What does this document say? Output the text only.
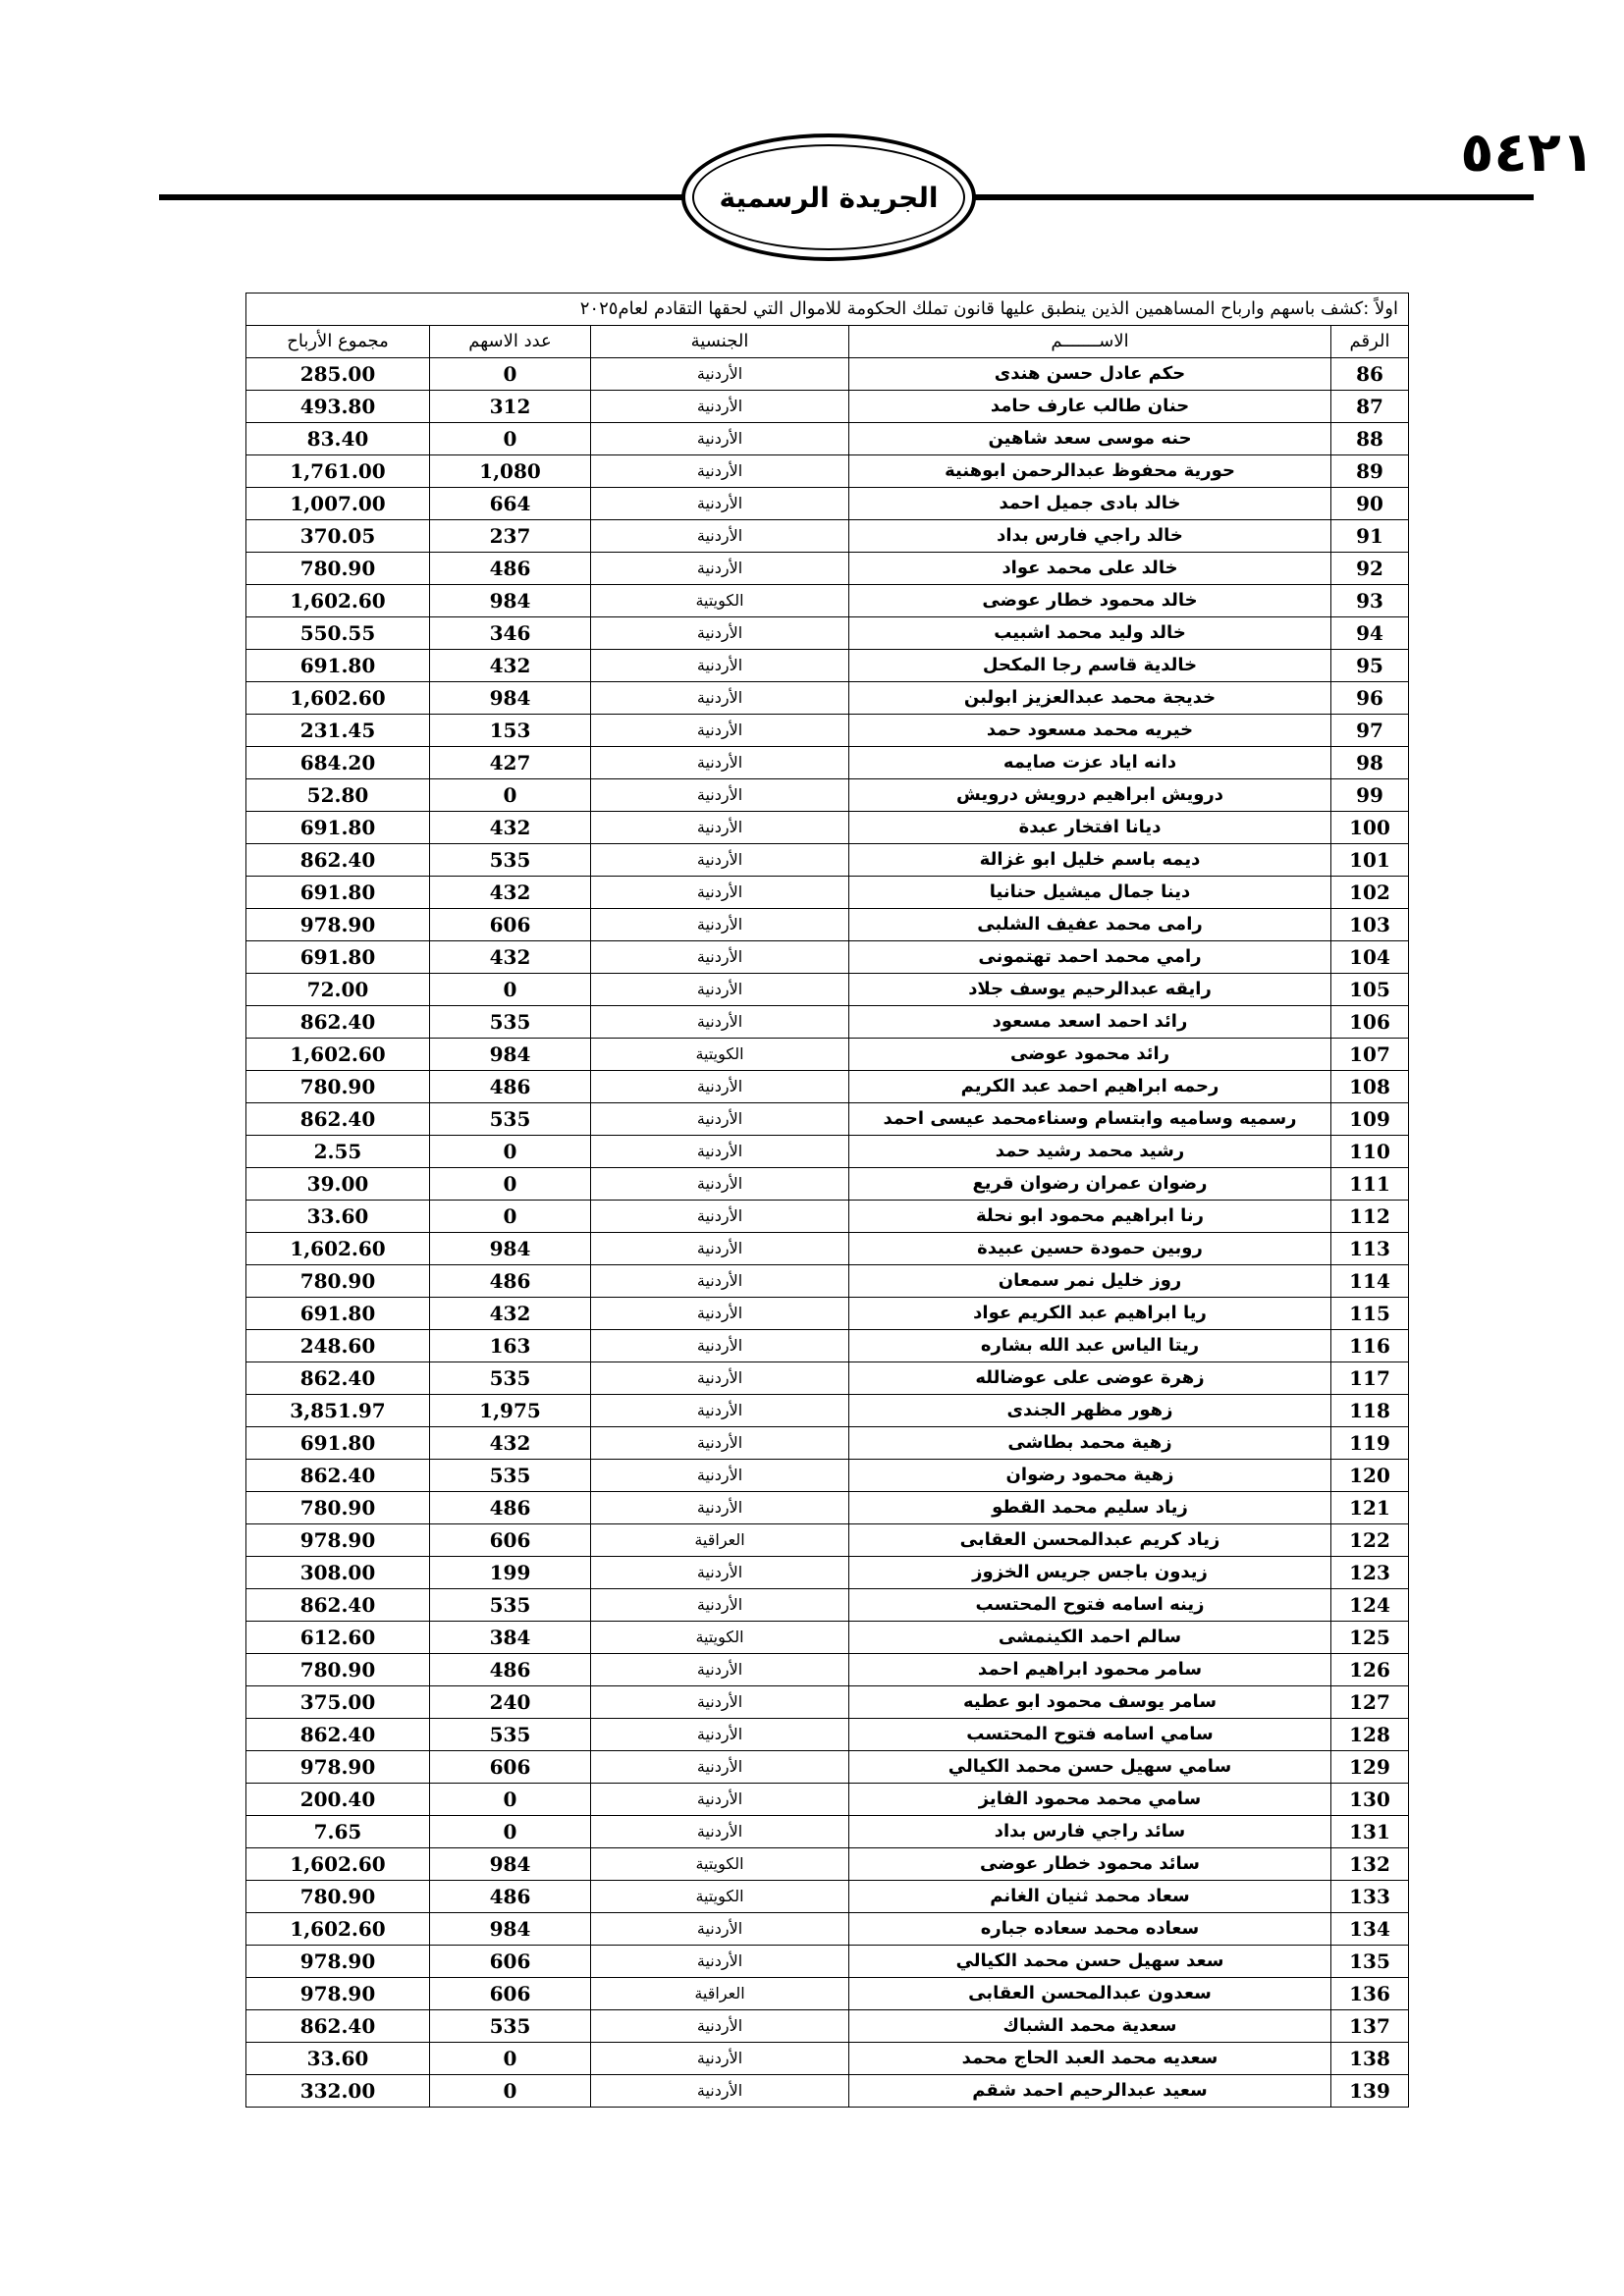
٥٤٢١
الجريدة الرسمية
اولاً :كشف باسهم وارباح المساهمين الذين ينطبق عليها قانون تملك الحكومة للاموال التي لحقها التقادم لعام٢٠٢٥				
مجموع الأرباح	عدد الاسهم	الجنسية	الاســـــــم	الرقم
285.00	0	الأردنية	حكم عادل حسن هندى	86
493.80	312	الأردنية	حنان طالب عارف حامد	87
83.40	0	الأردنية	حنه موسى سعد شاهين	88
1,761.00	1,080	الأردنية	حورية محفوظ عبدالرحمن ابوهنية	89
1,007.00	664	الأردنية	خالد بادى جميل احمد	90
370.05	237	الأردنية	خالد راجي فارس بداد	91
780.90	486	الأردنية	خالد على محمد عواد	92
1,602.60	984	الكويتية	خالد محمود خطار عوضى	93
550.55	346	الأردنية	خالد وليد محمد اشبيب	94
691.80	432	الأردنية	خالدية قاسم رجا المكحل	95
1,602.60	984	الأردنية	خديجة محمد عبدالعزيز ابولبن	96
231.45	153	الأردنية	خيريه محمد مسعود حمد	97
684.20	427	الأردنية	دانه اياد عزت صايمه	98
52.80	0	الأردنية	درويش ابراهيم درويش درويش	99
691.80	432	الأردنية	ديانا افتخار عبدة	100
862.40	535	الأردنية	ديمه باسم خليل ابو غزالة	101
691.80	432	الأردنية	دينا جمال ميشيل حنانيا	102
978.90	606	الأردنية	رامى محمد عفيف الشلبى	103
691.80	432	الأردنية	رامي محمد احمد تهتمونى	104
72.00	0	الأردنية	رايقه عبدالرحيم يوسف جلاد	105
862.40	535	الأردنية	رائد احمد اسعد مسعود	106
1,602.60	984	الكويتية	رائد محمود عوضى	107
780.90	486	الأردنية	رحمه ابراهيم احمد عبد الكريم	108
862.40	535	الأردنية	رسميه وساميه وابتسام وسناءمحمد عيسى احمد	109
2.55	0	الأردنية	رشيد محمد رشيد حمد	110
39.00	0	الأردنية	رضوان عمران رضوان قريع	111
33.60	0	الأردنية	رنا ابراهيم محمود ابو نحلة	112
1,602.60	984	الأردنية	روبين حمودة حسين عبيدة	113
780.90	486	الأردنية	روز خليل نمر سمعان	114
691.80	432	الأردنية	ريا ابراهيم عبد الكريم عواد	115
248.60	163	الأردنية	ريتا الياس عبد الله بشاره	116
862.40	535	الأردنية	زهرة عوضى على عوضالله	117
3,851.97	1,975	الأردنية	زهور مظهر الجندى	118
691.80	432	الأردنية	زهية محمد بطاشى	119
862.40	535	الأردنية	زهية محمود رضوان	120
780.90	486	الأردنية	زياد سليم محمد القطو	121
978.90	606	العراقية	زياد كريم عبدالمحسن العقابى	122
308.00	199	الأردنية	زيدون باجس جريس الخزوز	123
862.40	535	الأردنية	زينه اسامه فتوح المحتسب	124
612.60	384	الكويتية	سالم احمد الكينمشى	125
780.90	486	الأردنية	سامر محمود ابراهيم احمد	126
375.00	240	الأردنية	سامر يوسف محمود ابو عطيه	127
862.40	535	الأردنية	سامي اسامه فتوح المحتسب	128
978.90	606	الأردنية	سامي سهيل حسن محمد الكيالي	129
200.40	0	الأردنية	سامي محمد محمود الفايز	130
7.65	0	الأردنية	سائد راجي فارس بداد	131
1,602.60	984	الكويتية	سائد محمود خطار عوضى	132
780.90	486	الكويتية	سعاد محمد ثنيان الغانم	133
1,602.60	984	الأردنية	سعاده محمد سعاده جباره	134
978.90	606	الأردنية	سعد سهيل حسن محمد الكيالي	135
978.90	606	العراقية	سعدون عبدالمحسن العقابى	136
862.40	535	الأردنية	سعدية محمد الشباك	137
33.60	0	الأردنية	سعديه محمد العبد الحاج محمد	138
332.00	0	الأردنية	سعيد عبدالرحيم احمد شقم	139
